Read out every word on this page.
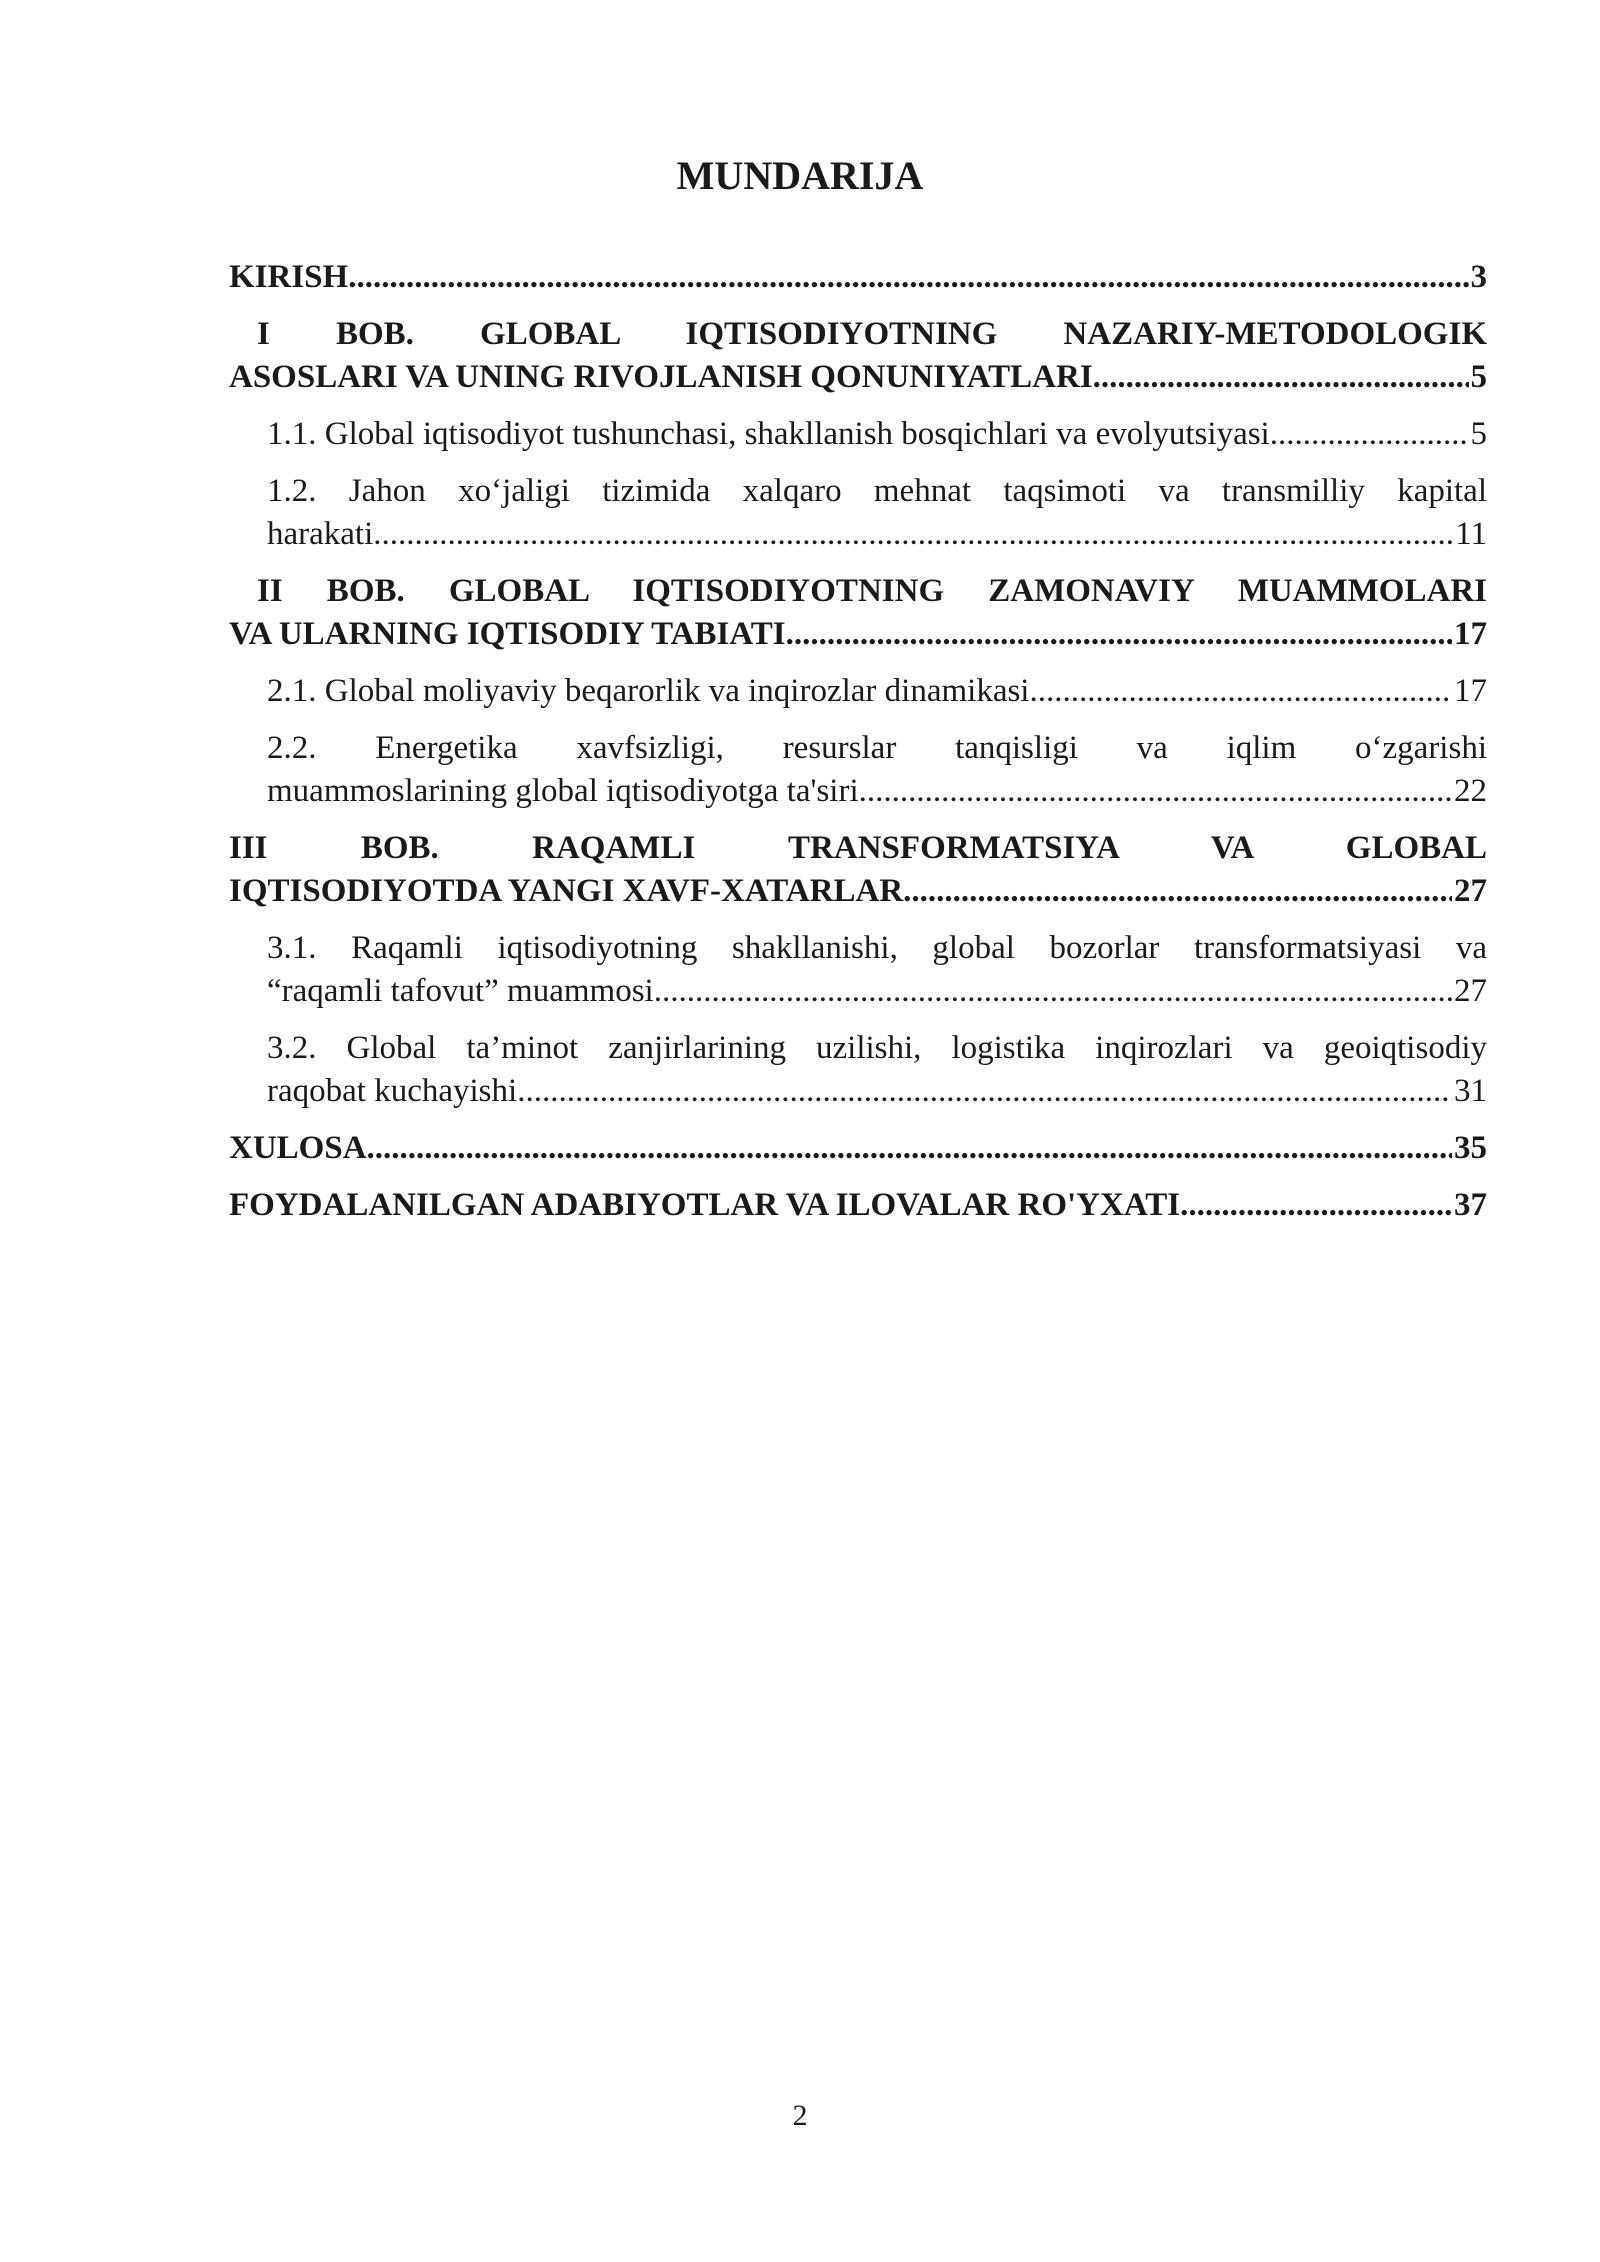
MUNDARIJA
KIRISH .....	3
I BOB. GLOBAL IQTISODIYOTNING NAZARIY-METODOLOGIK
ASOSLARI VA UNING RIVOJLANISH QONUNIYATLARI .....	5
1.1. Global iqtisodiyot tushunchasi, shakllanish bosqichlari va evolyutsiyasi .....	5
1.2. Jahon xo‘jaligi tizimida xalqaro mehnat taqsimoti va transmilliy kapital
harakati .....	11
II BOB. GLOBAL IQTISODIYOTNING ZAMONAVIY MUAMMOLARI
VA ULARNING IQTISODIY TABIATI .....	17
2.1. Global moliyaviy beqarorlik va inqirozlar dinamikasi .....	17
2.2. Energetika xavfsizligi, resurslar tanqisligi va iqlim o‘zgarishi
muammoslarining global iqtisodiyotga ta'siri .....	22
III BOB. RAQAMLI TRANSFORMATSIYA VA GLOBAL
IQTISODIYOTDA YANGI XAVF-XATARLAR .....	27
3.1. Raqamli iqtisodiyotning shakllanishi, global bozorlar transformatsiyasi va
“raqamli tafovut” muammosi .....	27
3.2. Global ta’minot zanjirlarining uzilishi, logistika inqirozlari va geoiqtisodiy
raqobat kuchayishi .....	31
XULOSA .....	35
FOYDALANILGAN ADABIYOTLAR VA ILOVALAR RO'YXATI .....	37
2
